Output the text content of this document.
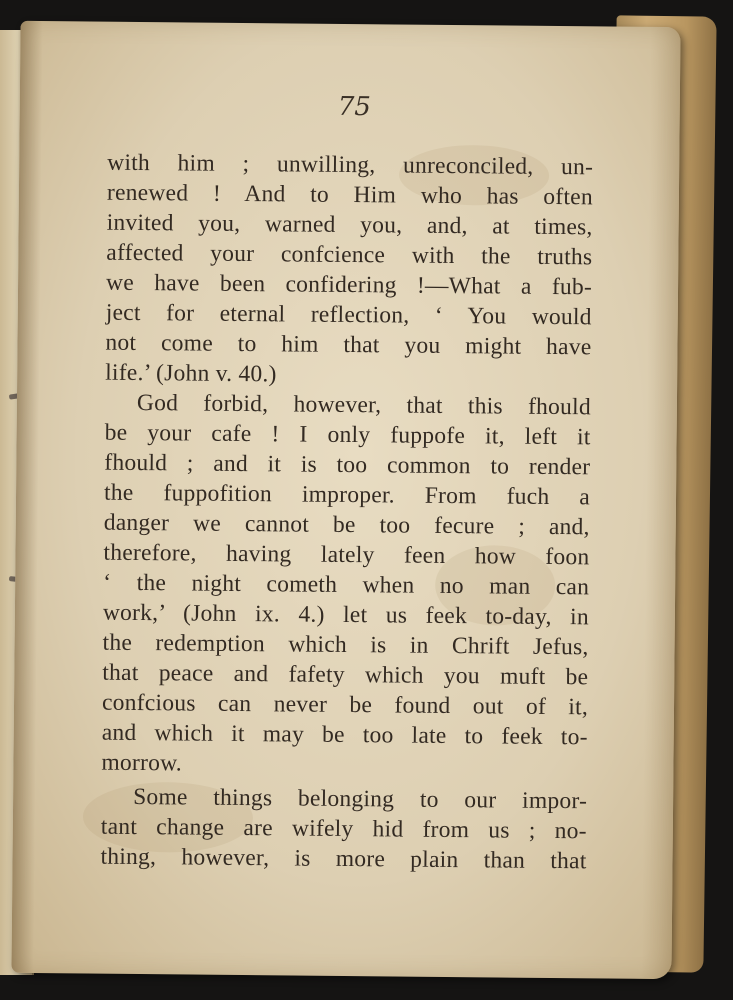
75
with him ; unwilling, unreconciled, un-
renewed ! And to Him who has often
invited you, warned you, and, at times,
affected your confcience with the truths
we have been confidering !—What a fub-
ject for eternal reflection, ‘ You would
not come to him that you might have
life.’ (John v. 40.)
God forbid, however, that this fhould
be your cafe ! I only fuppofe it, left it
fhould ; and it is too common to render
the fuppofition improper. From fuch a
danger we cannot be too fecure ; and,
therefore, having lately feen how foon
‘ the night cometh when no man can
work,’ (John ix. 4.) let us feek to-day, in
the redemption which is in Chrift Jefus,
that peace and fafety which you muft be
confcious can never be found out of it,
and which it may be too late to feek to-
morrow.
Some things belonging to our impor-
tant change are wifely hid from us ; no-
thing, however, is more plain than that
